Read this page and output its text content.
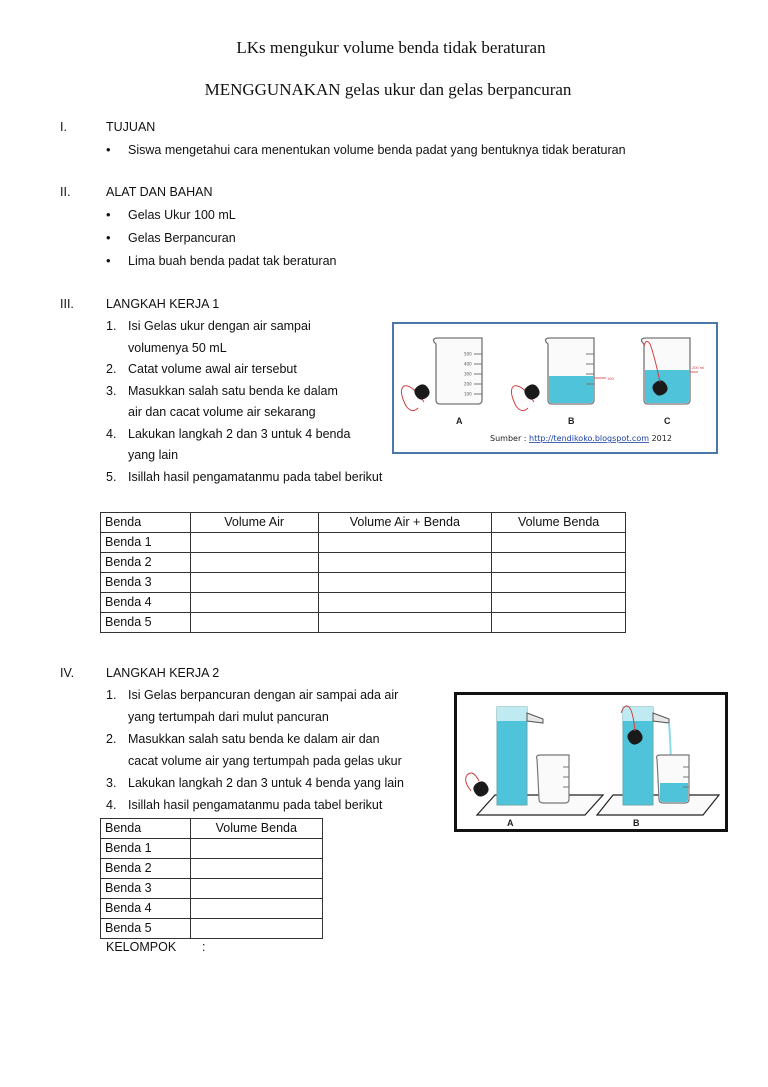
LKs mengukur volume benda tidak beraturan
MENGGUNAKAN gelas ukur dan gelas berpancuran
I.	TUJUAN
• Siswa mengetahui cara menentukan volume benda padat yang bentuknya tidak beraturan
II.	ALAT DAN BAHAN
• Gelas Ukur 100 mL
• Gelas Berpancuran
• Lima buah benda padat tak beraturan
III.	LANGKAH KERJA 1
1. Isi Gelas ukur dengan air sampai
volumenya 50 mL
2. Catat volume awal air tersebut
3. Masukkan salah satu benda ke dalam
air dan cacat volume air sekarang
4. Lakukan langkah 2 dan 3 untuk 4 benda
yang lain
5. Isillah hasil pengamatanmu pada tabel berikut
500
400
300
200
100
A
100
B
200 ml
C
Sumber : http://tendikoko.blogspot.com 2012
Benda	Volume Air	Volume Air + Benda	Volume Benda
Benda 1			
Benda 2			
Benda 3			
Benda 4			
Benda 5			
IV.	LANGKAH KERJA 2
1. Isi Gelas berpancuran dengan air sampai ada air
yang tertumpah dari mulut pancuran
2. Masukkan salah satu benda ke dalam air dan
cacat volume air yang tertumpah pada gelas ukur
3. Lakukan langkah 2 dan 3 untuk 4 benda yang lain
4. Isillah hasil pengamatanmu pada tabel berikut
A	B
Benda	Volume Benda
Benda 1	
Benda 2	
Benda 3	
Benda 4	
Benda 5	
KELOMPOK :
